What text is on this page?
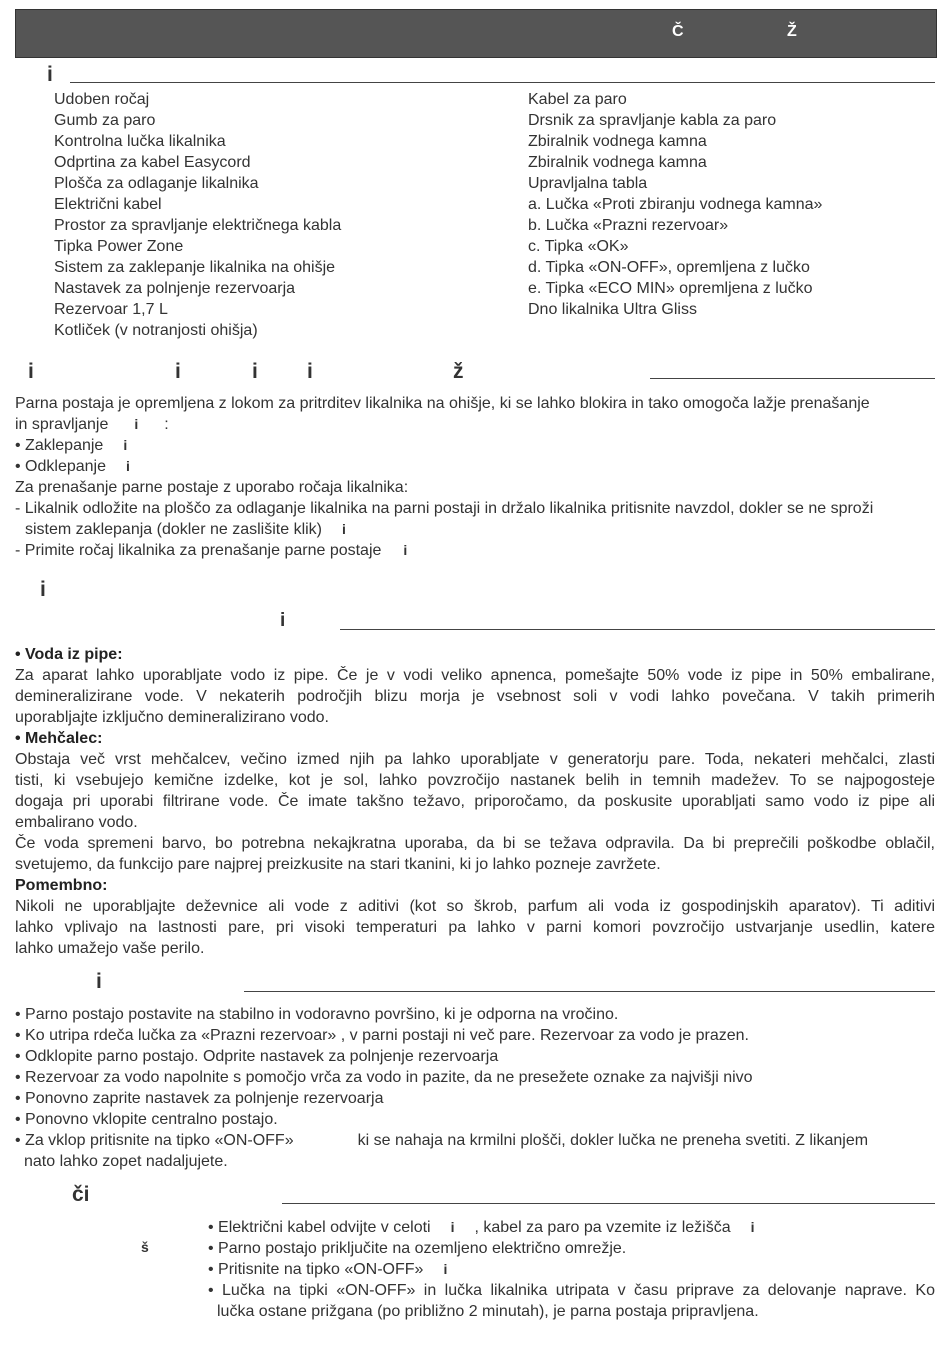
Č	Ž
i
Udoben ročaj
Gumb za paro
Kontrolna lučka likalnika
Odprtina za kabel Easycord
Plošča za odlaganje likalnika
Električni kabel
Prostor za spravljanje električnega kabla
Tipka Power Zone
Sistem za zaklepanje likalnika na ohišje
Nastavek za polnjenje rezervoarja
Rezervoar 1,7 L
Kotliček (v notranjosti ohišja)
Kabel za paro
Drsnik za spravljanje kabla za paro
Zbiralnik vodnega kamna
Zbiralnik vodnega kamna
Upravljalna tabla
a. Lučka «Proti zbiranju vodnega kamna»
b. Lučka «Prazni rezervoar»
c. Tipka «OK»
d. Tipka «ON-OFF», opremljena z lučko
e. Tipka «ECO MIN» opremljena z lučko
Dno likalnika Ultra Gliss
i	i	i i	ž
Parna postaja je opremljena z lokom za pritrditev likalnika na ohišje, ki se lahko blokira in tako omogoča lažje prenašanje
in spravljanje i :
• Zaklepanje i
• Odklepanje i
Za prenašanje parne postaje z uporabo ročaja likalnika:
- Likalnik odložite na ploščo za odlaganje likalnika na parni postaji in držalo likalnika pritisnite navzdol, dokler se ne sproži
sistem zaklepanja (dokler ne zaslišite klik) i
- Primite ročaj likalnika za prenašanje parne postaje i
i
i
• Voda iz pipe:
Za aparat lahko uporabljate vodo iz pipe. Če je v vodi veliko apnenca, pomešajte 50% vode iz pipe in 50% embalirane,
demineralizirane vode. V nekaterih področjih blizu morja je vsebnost soli v vodi lahko povečana. V takih primerih
uporabljajte izključno demineralizirano vodo.
• Mehčalec:
Obstaja več vrst mehčalcev, večino izmed njih pa lahko uporabljate v generatorju pare. Toda, nekateri mehčalci, zlasti
tisti, ki vsebujejo kemične izdelke, kot je sol, lahko povzročijo nastanek belih in temnih madežev. To se najpogosteje
dogaja pri uporabi filtrirane vode. Če imate takšno težavo, priporočamo, da poskusite uporabljati samo vodo iz pipe ali
embalirano vodo.
Če voda spremeni barvo, bo potrebna nekajkratna uporaba, da bi se težava odpravila. Da bi preprečili poškodbe oblačil,
svetujemo, da funkcijo pare najprej preizkusite na stari tkanini, ki jo lahko pozneje zavržete.
Pomembno:
Nikoli ne uporabljajte deževnice ali vode z aditivi (kot so škrob, parfum ali voda iz gospodinjskih aparatov). Ti aditivi
lahko vplivajo na lastnosti pare, pri visoki temperaturi pa lahko v parni komori povzročijo ustvarjanje usedlin, katere
lahko umažejo vaše perilo.
i
• Parno postajo postavite na stabilno in vodoravno površino, ki je odporna na vročino.
• Ko utripa rdeča lučka za «Prazni rezervoar» , v parni postaji ni več pare. Rezervoar za vodo je prazen.
• Odklopite parno postajo. Odprite nastavek za polnjenje rezervoarja
• Rezervoar za vodo napolnite s pomočjo vrča za vodo in pazite, da ne presežete oznake za najvišji nivo
• Ponovno zaprite nastavek za polnjenje rezervoarja
• Ponovno vklopite centralno postajo.
• Za vklop pritisnite na tipko «ON-OFF»	ki se nahaja na krmilni plošči, dokler lučka ne preneha svetiti. Z likanjem
nato lahko zopet nadaljujete.
či
š
• Električni kabel odvijte v celoti i , kabel za paro pa vzemite iz ležišča i
• Parno postajo priključite na ozemljeno električno omrežje.
• Pritisnite na tipko «ON-OFF» i
• Lučka na tipki «ON-OFF» in lučka likalnika utripata v času priprave za delovanje naprave. Ko
lučka ostane prižgana (po približno 2 minutah), je parna postaja pripravljena.
